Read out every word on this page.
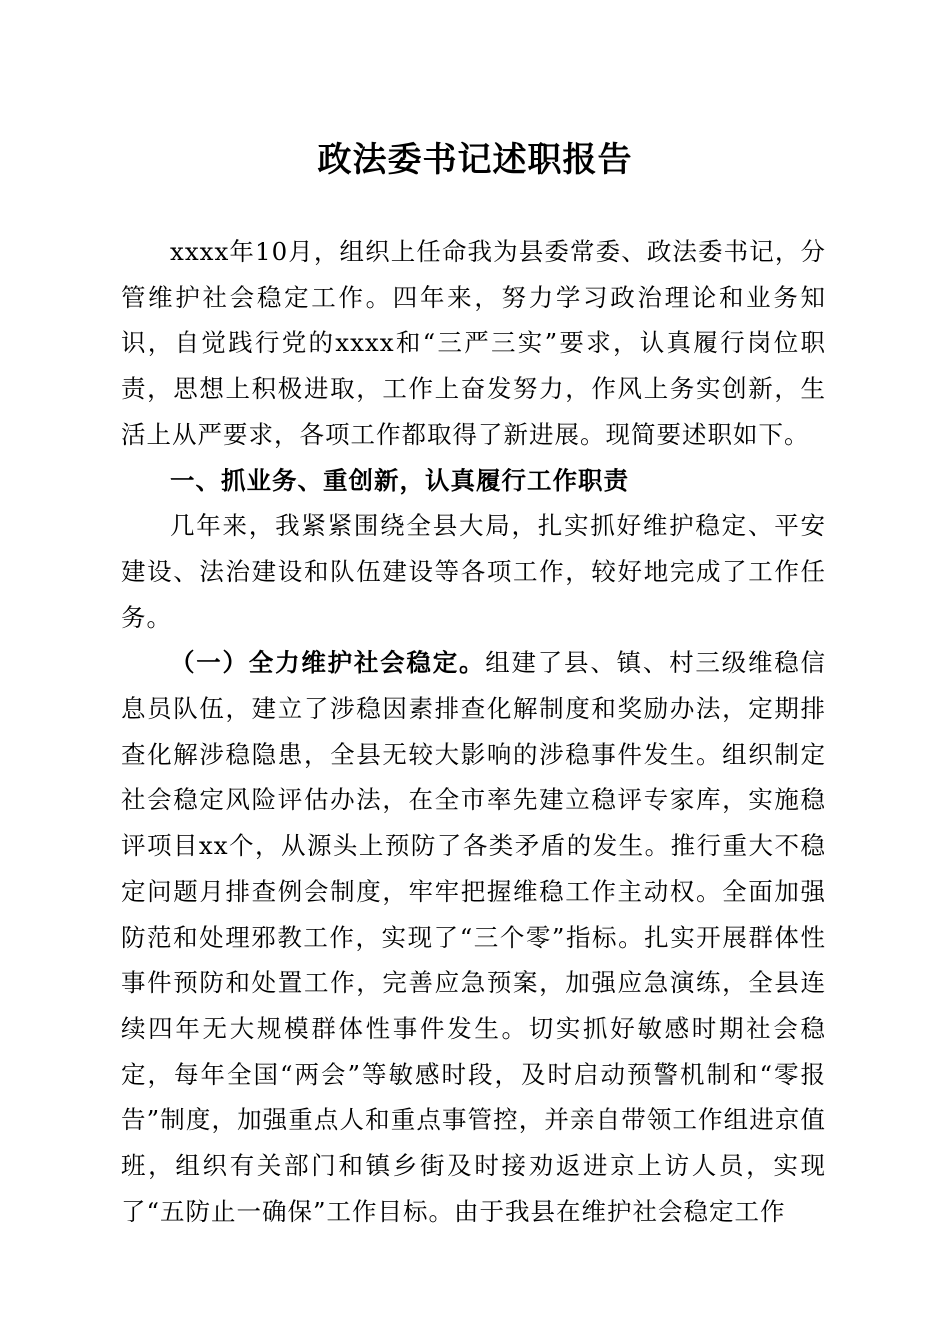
政法委书记述职报告

xxxx年10月，组织上任命我为县委常委、政法委书记，分管维护社会稳定工作。四年来，努力学习政治理论和业务知识，自觉践行党的xxxx和“三严三实”要求，认真履行岗位职责，思想上积极进取，工作上奋发努力，作风上务实创新，生活上从严要求，各项工作都取得了新进展。现简要述职如下。

一、抓业务、重创新，认真履行工作职责

几年来，我紧紧围绕全县大局，扎实抓好维护稳定、平安建设、法治建设和队伍建设等各项工作，较好地完成了工作任务。

（一）全力维护社会稳定。组建了县、镇、村三级维稳信息员队伍，建立了涉稳因素排查化解制度和奖励办法，定期排查化解涉稳隐患，全县无较大影响的涉稳事件发生。组织制定社会稳定风险评估办法，在全市率先建立稳评专家库，实施稳评项目xx个，从源头上预防了各类矛盾的发生。推行重大不稳定问题月排查例会制度，牢牢把握维稳工作主动权。全面加强防范和处理邪教工作，实现了“三个零”指标。扎实开展群体性事件预防和处置工作，完善应急预案，加强应急演练，全县连续四年无大规模群体性事件发生。切实抓好敏感时期社会稳定，每年全国“两会”等敏感时段，及时启动预警机制和“零报告”制度，加强重点人和重点事管控，并亲自带领工作组进京值班，组织有关部门和镇乡街及时接劝返进京上访人员，实现了“五防止一确保”工作目标。由于我县在维护社会稳定工作
